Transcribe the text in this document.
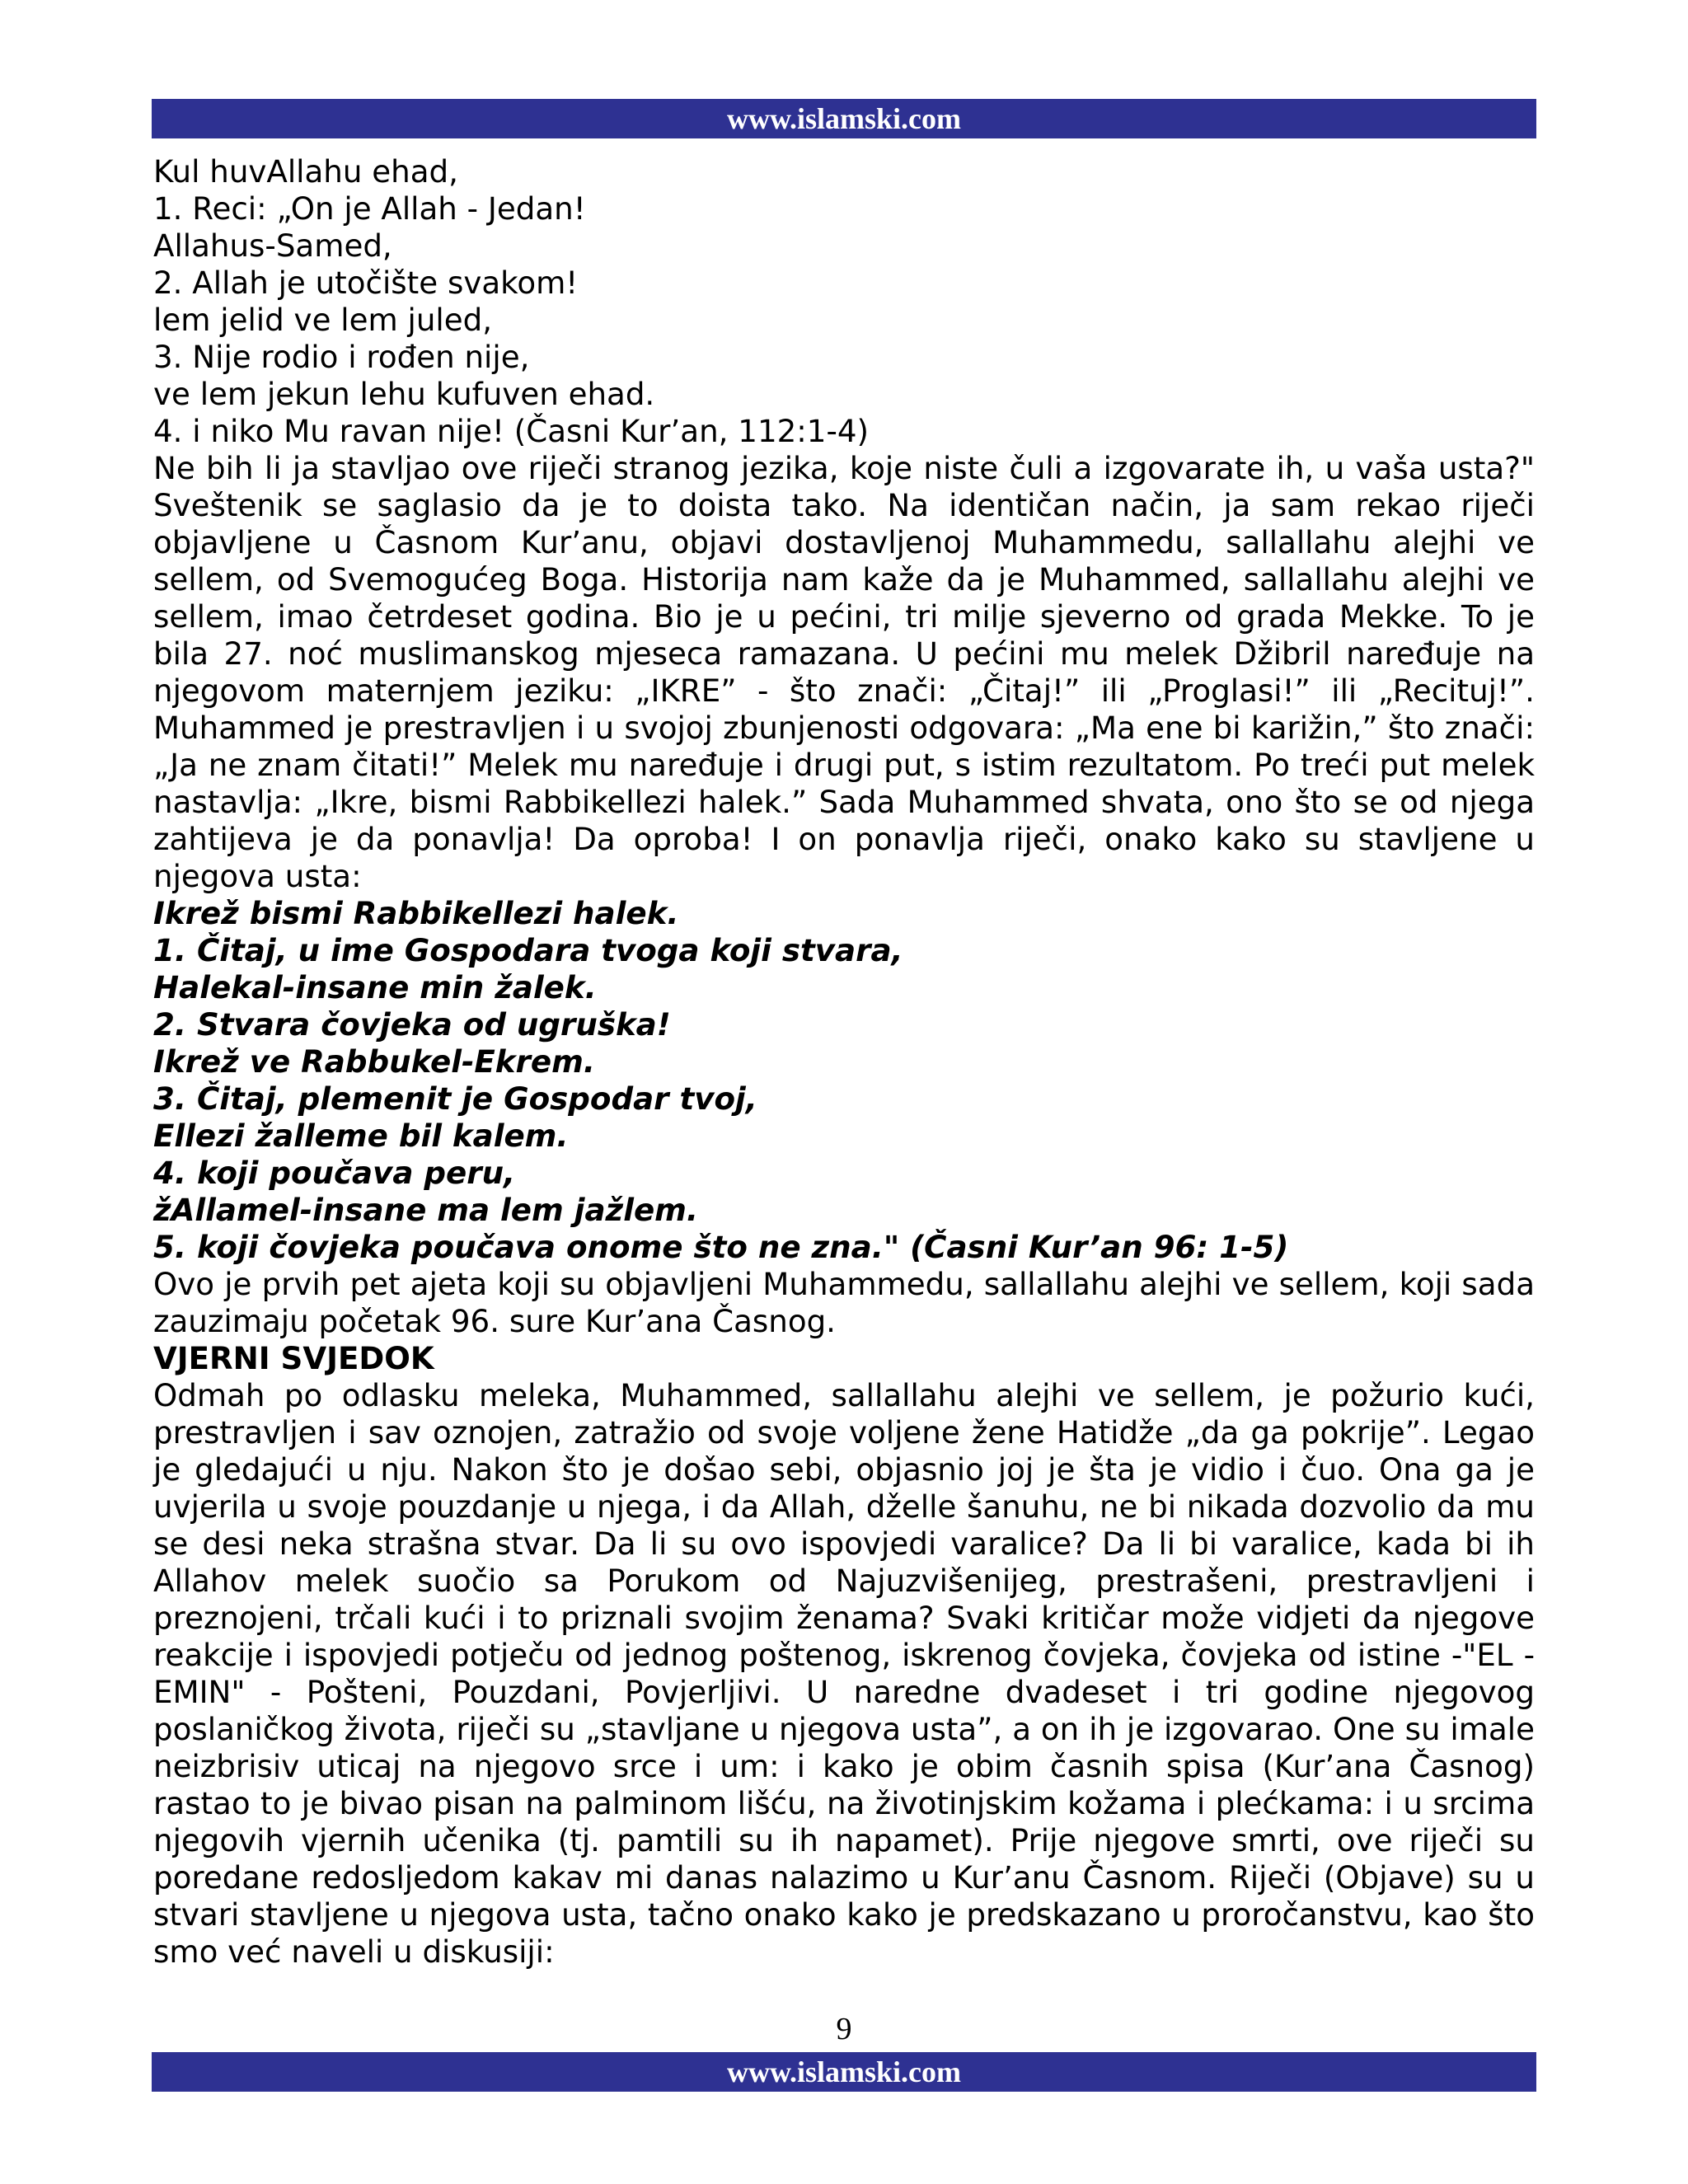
www.islamski.com
Kul huvAllahu ehad,
1. Reci: „On je Allah - Jedan!
Allahus-Samed,
2. Allah je utočište svakom!
lem jelid ve lem juled,
3. Nije rodio i rođen nije,
ve lem jekun lehu kufuven ehad.
4. i niko Mu ravan nije! (Časni Kur’an, 112:1-4)
Ne bih li ja stavljao ove riječi stranog jezika, koje niste čuli a izgovarate ih, u vaša usta?" Sveštenik se saglasio da je to doista tako. Na identičan način, ja sam rekao riječi objavljene u Časnom Kur’anu, objavi dostavljenoj Muhammedu, sallallahu alejhi ve sellem, od Svemogućeg Boga. Historija nam kaže da je Muhammed, sallallahu alejhi ve sellem, imao četrdeset godina. Bio je u pećini, tri milje sjeverno od grada Mekke. To je bila 27. noć muslimanskog mjeseca ramazana. U pećini mu melek Džibril naređuje na njegovom maternjem jeziku: „IKRE” - što znači: „Čitaj!” ili „Proglasi!” ili „Recituj!”. Muhammed je prestravljen i u svojoj zbunjenosti odgovara: „Ma ene bi karižin,” što znači: „Ja ne znam čitati!” Melek mu naređuje i drugi put, s istim rezultatom. Po treći put melek nastavlja: „Ikre, bismi Rabbikellezi halek.” Sada Muhammed shvata, ono što se od njega zahtijeva je da ponavlja! Da oproba! I on ponavlja riječi, onako kako su stavljene u njegova usta:
Ikrež bismi Rabbikellezi halek.
1. Čitaj, u ime Gospodara tvoga koji stvara,
Halekal-insane min žalek.
2. Stvara čovjeka od ugruška!
Ikrež ve Rabbukel-Ekrem.
3. Čitaj, plemenit je Gospodar tvoj,
Ellezi žalleme bil kalem.
4. koji poučava peru,
žAllamel-insane ma lem jažlem.
5. koji čovjeka poučava onome što ne zna." (Časni Kur’an 96: 1-5)
Ovo je prvih pet ajeta koji su objavljeni Muhammedu, sallallahu alejhi ve sellem, koji sada zauzimaju početak 96. sure Kur’ana Časnog.
VJERNI SVJEDOK
Odmah po odlasku meleka, Muhammed, sallallahu alejhi ve sellem, je požurio kući, prestravljen i sav oznojen, zatražio od svoje voljene žene Hatidže „da ga pokrije”. Legao je gledajući u nju. Nakon što je došao sebi, objasnio joj je šta je vidio i čuo. Ona ga je uvjerila u svoje pouzdanje u njega, i da Allah, dželle šanuhu, ne bi nikada dozvolio da mu se desi neka strašna stvar. Da li su ovo ispovjedi varalice? Da li bi varalice, kada bi ih Allahov melek suočio sa Porukom od Najuzvišenijeg, prestrašeni, prestravljeni i preznojeni, trčali kući i to priznali svojim ženama? Svaki kritičar može vidjeti da njegove reakcije i ispovjedi potječu od jednog poštenog, iskrenog čovjeka, čovjeka od istine -"EL - EMIN" - Pošteni, Pouzdani, Povjerljivi. U naredne dvadeset i tri godine njegovog poslaničkog života, riječi su „stavljane u njegova usta”, a on ih je izgovarao. One su imale neizbrisiv uticaj na njegovo srce i um: i kako je obim časnih spisa (Kur’ana Časnog) rastao to je bivao pisan na palminom lišću, na životinjskim kožama i plećkama: i u srcima njegovih vjernih učenika (tj. pamtili su ih napamet). Prije njegove smrti, ove riječi su poredane redosljedom kakav mi danas nalazimo u Kur’anu Časnom. Riječi (Objave) su u stvari stavljene u njegova usta, tačno onako kako je predskazano u proročanstvu, kao što smo već naveli u diskusiji:
9
www.islamski.com
